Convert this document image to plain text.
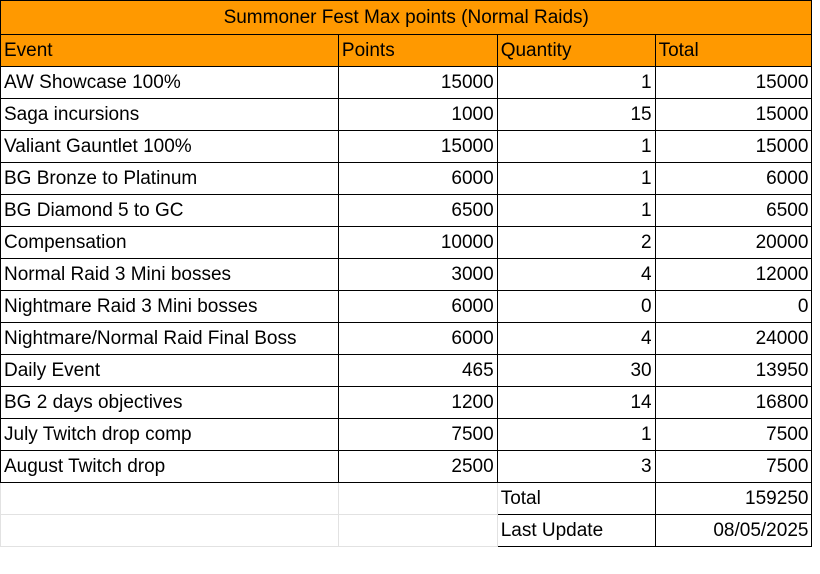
Summoner Fest Max points (Normal Raids)				
Event	Points	Quantity	Total	
AW Showcase 100%	15000	1	15000	
Saga incursions	1000	15	15000	
Valiant Gauntlet 100%	15000	1	15000	
BG Bronze to Platinum	6000	1	6000	
BG Diamond 5 to GC	6500	1	6500	
Compensation	10000	2	20000	
Normal Raid 3 Mini bosses	3000	4	12000	
Nightmare Raid 3 Mini bosses	6000	0	0	
Nightmare/Normal Raid Final Boss	6000	4	24000	
Daily Event	465	30	13950	
BG 2 days objectives	1200	14	16800	
July Twitch drop comp	7500	1	7500	
August Twitch drop	2500	3	7500	
		Total	159250	
		Last Update	08/05/2025	
